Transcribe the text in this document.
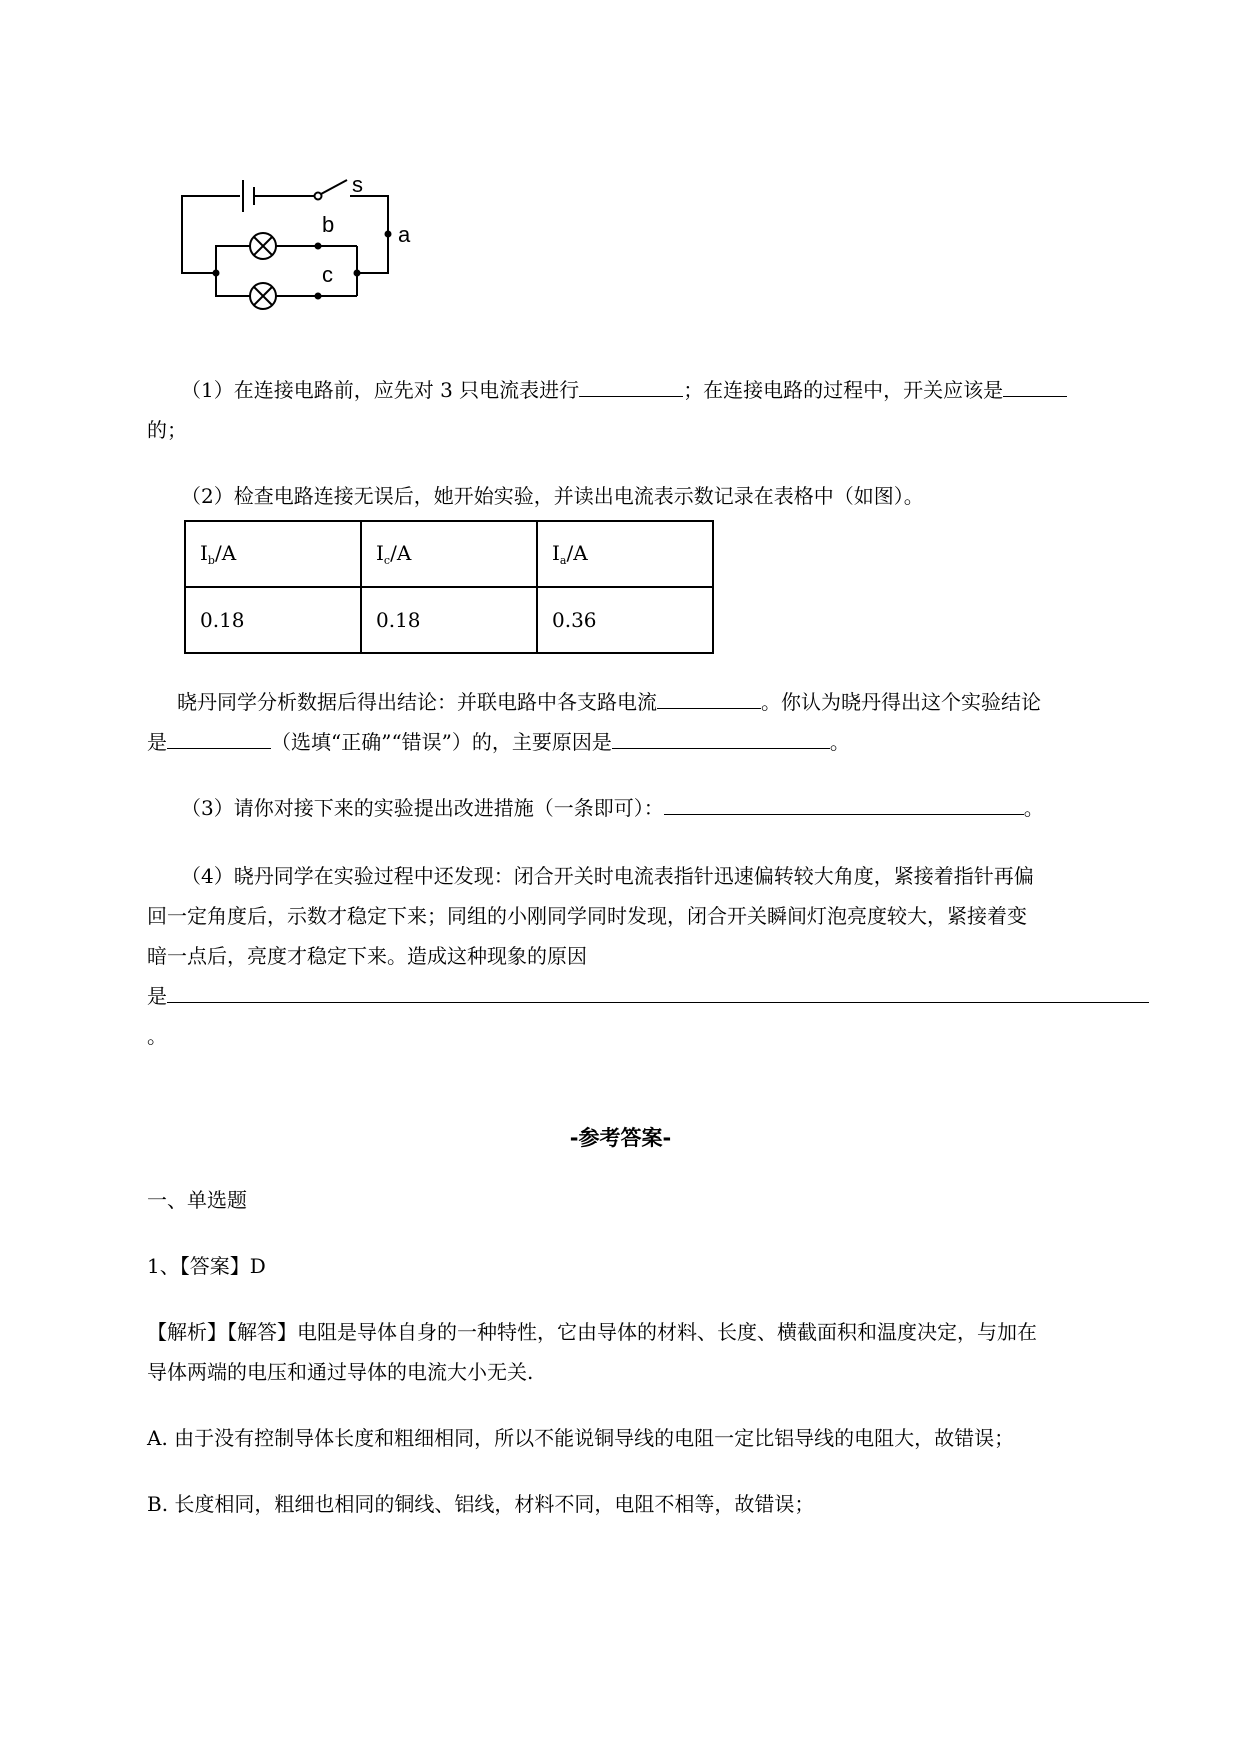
s
a
b
c
（1）在连接电路前，应先对 3 只电流表进行	；在连接电路的过程中，开关应该是
的；
（2）检查电路连接无误后，她开始实验，并读出电流表示数记录在表格中（如图）。
$I_b/A$	$I_c/A$	$I_a/A$
0.18	0.18	0.36
晓丹同学分析数据后得出结论：并联电路中各支路电流	。你认为晓丹得出这个实验结论
是	（选填“正确”“错误”）的，主要原因是	。
（3）请你对接下来的实验提出改进措施（一条即可）：	。
（4）晓丹同学在实验过程中还发现：闭合开关时电流表指针迅速偏转较大角度，紧接着指针再偏
回一定角度后，示数才稳定下来；同组的小刚同学同时发现，闭合开关瞬间灯泡亮度较大，紧接着变
暗一点后，亮度才稳定下来。造成这种现象的原因
是
。
-参考答案-
一、单选题
1、【答案】D
【解析】【解答】电阻是导体自身的一种特性，它由导体的材料、长度、横截面积和温度决定，与加在
导体两端的电压和通过导体的电流大小无关.
A. 由于没有控制导体长度和粗细相同，所以不能说铜导线的电阻一定比铝导线的电阻大，故错误；
B. 长度相同，粗细也相同的铜线、铝线，材料不同，电阻不相等，故错误；
